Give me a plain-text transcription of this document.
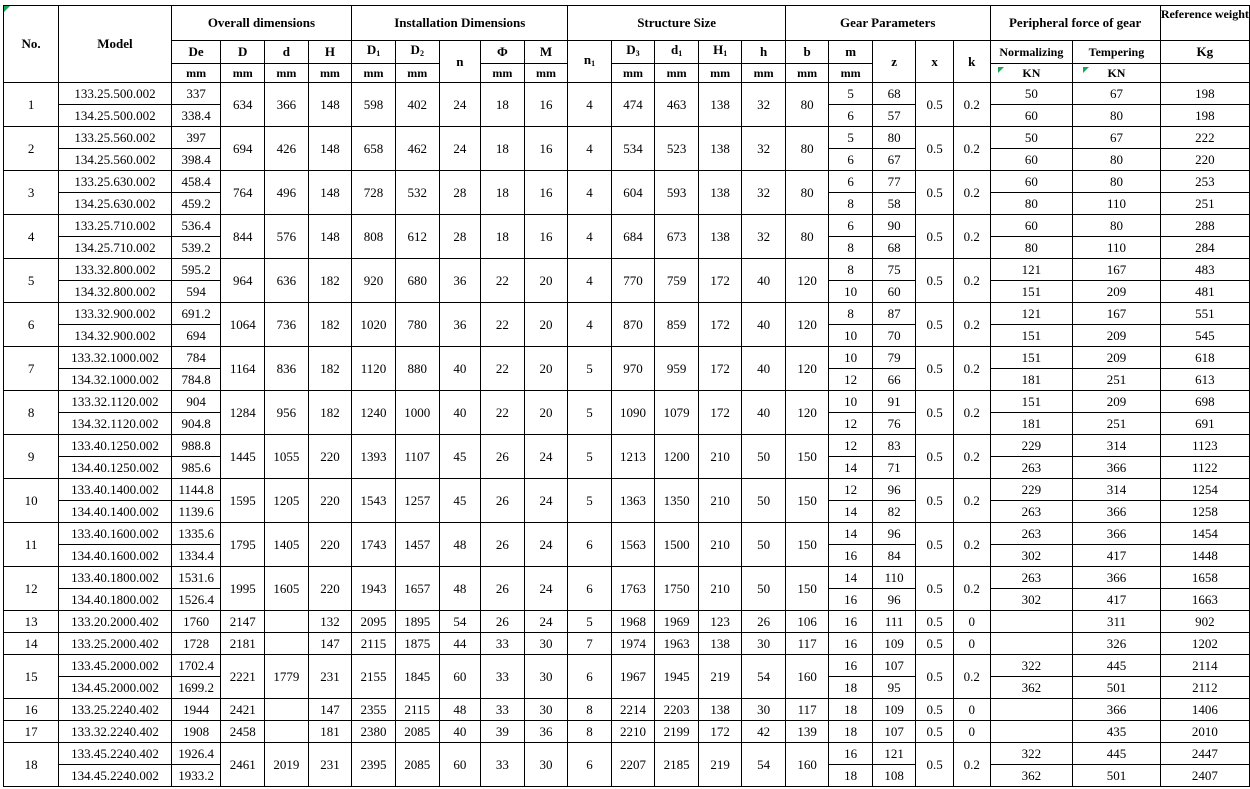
No.	Model	Overall dimensions				Installation Dimensions					Structure Size					Gear Parameters					Peripheral force of gear		Reference weight

		De	D	d	H	$D_1$	$D_2$	n	Φ	M	$n_1$	$D_3$	$d_1$	$H_1$	h	b	m	z	x	k	Normalizing	Tempering	Kg
		mm	mm	mm	mm	mm	mm		mm	mm		mm	mm	mm	mm	mm	mm				KN	KN	
1	133.25.500.002	337	634	366	148	598	402	24	18	16	4	474	463	138	32	80	5	68	0.5	0.2	50	67	198
	134.25.500.002	338.4															6	57			60	80	198
2	133.25.560.002	397	694	426	148	658	462	24	18	16	4	534	523	138	32	80	5	80	0.5	0.2	50	67	222
	134.25.560.002	398.4															6	67			60	80	220
3	133.25.630.002	458.4	764	496	148	728	532	28	18	16	4	604	593	138	32	80	6	77	0.5	0.2	60	80	253
	134.25.630.002	459.2															8	58			80	110	251
4	133.25.710.002	536.4	844	576	148	808	612	28	18	16	4	684	673	138	32	80	6	90	0.5	0.2	60	80	288
	134.25.710.002	539.2															8	68			80	110	284
5	133.32.800.002	595.2	964	636	182	920	680	36	22	20	4	770	759	172	40	120	8	75	0.5	0.2	121	167	483
	134.32.800.002	594															10	60			151	209	481
6	133.32.900.002	691.2	1064	736	182	1020	780	36	22	20	4	870	859	172	40	120	8	87	0.5	0.2	121	167	551
	134.32.900.002	694															10	70			151	209	545
7	133.32.1000.002	784	1164	836	182	1120	880	40	22	20	5	970	959	172	40	120	10	79	0.5	0.2	151	209	618
	134.32.1000.002	784.8															12	66			181	251	613
8	133.32.1120.002	904	1284	956	182	1240	1000	40	22	20	5	1090	1079	172	40	120	10	91	0.5	0.2	151	209	698
	134.32.1120.002	904.8															12	76			181	251	691
9	133.40.1250.002	988.8	1445	1055	220	1393	1107	45	26	24	5	1213	1200	210	50	150	12	83	0.5	0.2	229	314	1123
	134.40.1250.002	985.6															14	71			263	366	1122
10	133.40.1400.002	1144.8	1595	1205	220	1543	1257	45	26	24	5	1363	1350	210	50	150	12	96	0.5	0.2	229	314	1254
	134.40.1400.002	1139.6															14	82			263	366	1258
11	133.40.1600.002	1335.6	1795	1405	220	1743	1457	48	26	24	6	1563	1500	210	50	150	14	96	0.5	0.2	263	366	1454
	134.40.1600.002	1334.4															16	84			302	417	1448
12	133.40.1800.002	1531.6	1995	1605	220	1943	1657	48	26	24	6	1763	1750	210	50	150	14	110	0.5	0.2	263	366	1658
	134.40.1800.002	1526.4															16	96			302	417	1663
13	133.20.2000.402	1760	2147		132	2095	1895	54	26	24	5	1968	1969	123	26	106	16	111	0.5	0		311	902
14	133.25.2000.402	1728	2181		147	2115	1875	44	33	30	7	1974	1963	138	30	117	16	109	0.5	0		326	1202
15	133.45.2000.002	1702.4	2221	1779	231	2155	1845	60	33	30	6	1967	1945	219	54	160	16	107	0.5	0.2	322	445	2114
	134.45.2000.002	1699.2															18	95			362	501	2112
16	133.25.2240.402	1944	2421		147	2355	2115	48	33	30	8	2214	2203	138	30	117	18	109	0.5	0		366	1406
17	133.32.2240.402	1908	2458		181	2380	2085	40	39	36	8	2210	2199	172	42	139	18	107	0.5	0		435	2010
18	133.45.2240.402	1926.4	2461	2019	231	2395	2085	60	33	30	6	2207	2185	219	54	160	16	121	0.5	0.2	322	445	2447
	134.45.2240.002	1933.2															18	108			362	501	2407
